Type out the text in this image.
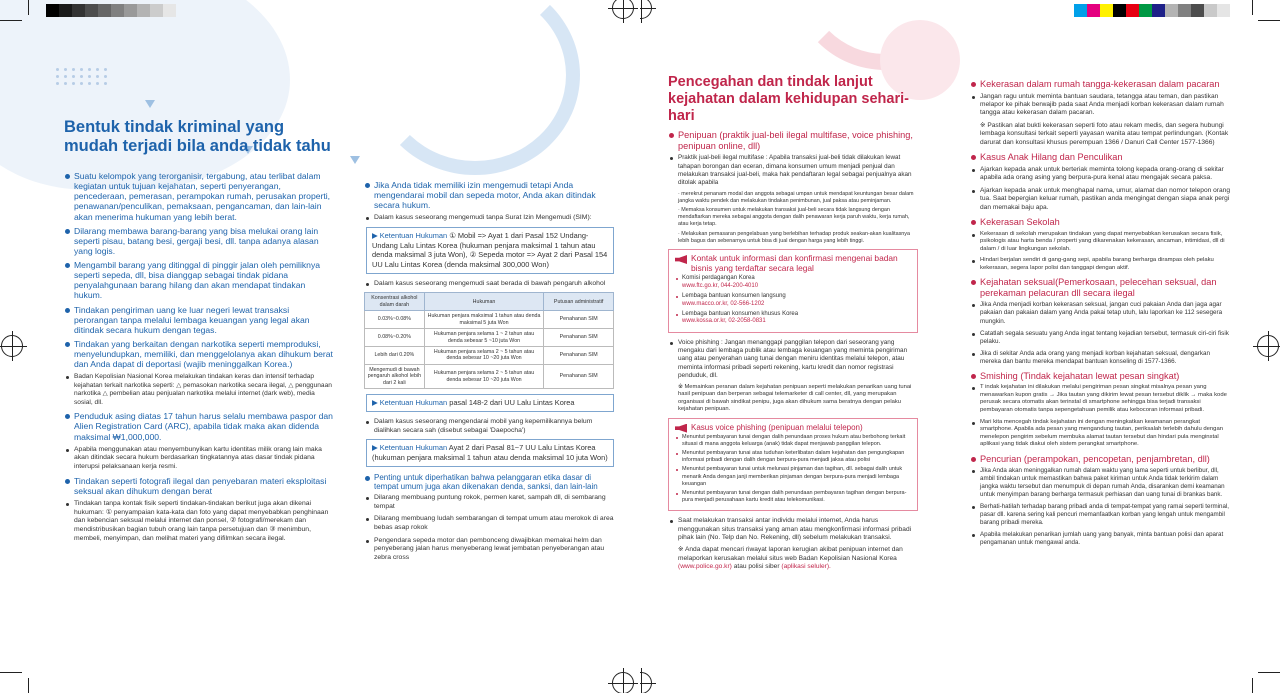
Bentuk tindak kriminal yang mudah terjadi bila anda tidak tahu
Suatu kelompok yang terorganisir, tergabung, atau terlibat dalam kegiatan untuk tujuan kejahatan, seperti penyerangan, pencederaan, pemerasan, perampokan rumah, perusakan properti, penawanan/penculikan, pemaksaan, pengancaman, dan lain-lain akan menerima hukuman yang lebih berat.
Dilarang membawa barang-barang yang bisa melukai orang lain seperti pisau, batang besi, gergaji besi, dll. tanpa adanya alasan yang logis.
Mengambil barang yang ditinggal di pinggir jalan oleh pemiliknya seperti sepeda, dll, bisa dianggap sebagai tindak pidana penyalahgunaan barang hilang dan akan mendapat tindakan hukum.
Tindakan pengiriman uang ke luar negeri lewat transaksi perorangan tanpa melalui lembaga keuangan yang legal akan ditindak secara hukum dengan tegas.
Tindakan yang berkaitan dengan narkotika seperti memproduksi, menyelundupkan, memiliki, dan menggelolanya akan dihukum berat dan Anda dapat di deportasi (wajib meninggalkan Korea.)
Badan Kepolisian Nasional Korea melakukan tindakan keras dan intensif terhadap kejahatan terkait narkotika seperti: △ pemasokan narkotika secara ilegal, △ penggunaan narkotika △ pembelian atau penjualan narkotika melalui internet (dark web), media sosial, dll.
Penduduk asing diatas 17 tahun harus selalu membawa paspor dan Alien Registration Card (ARC), apabila tidak maka akan didenda maksimal ₩1,000,000.
Apabila menggunakan atau menyembunyikan kartu identitas milik orang lain maka akan ditindak secara hukum berdasarkan tingkatannya atas dasar tindak pidana interupsi pelaksanaan kerja resmi.
Tindakan seperti fotografi ilegal dan penyebaran materi eksploitasi seksual akan dihukum dengan berat
Tindakan tanpa kontak fisik seperti tindakan-tindakan berikut juga akan dikenai hukuman: ① penyampaian kata-kata dan foto yang dapat menyebabkan penghinaan dan kebencian seksual melalui internet dan ponsel, ② fotografi/merekam dan mendistribusikan bagian tubuh orang lain tanpa persetujuan dan ③ menimbun, membeli, menyimpan, dan melihat materi yang difilmkan secara ilegal.
Jika Anda tidak memiliki izin mengemudi tetapi Anda mengendarai mobil dan sepeda motor, Anda akan ditindak secara hukum.
Dalam kasus seseorang mengemudi tanpa Surat Izin Mengemudi (SIM):
▶ Ketentuan Hukuman ① Mobil => Ayat 1 dari Pasal 152 Undang-Undang Lalu Lintas Korea (hukuman penjara maksimal 1 tahun atau denda maksimal 3 juta Won), ② Sepeda motor => Ayat 2 dari Pasal 154 UU Lalu Lintas Korea (denda maksimal 300,000 Won)
Dalam kasus seseorang mengemudi saat berada di bawah pengaruh alkohol
Konsentrasi alkohol dalam darah	Hukuman	Putusan administratif
0.03%~0.08%	Hukuman penjara maksimal 1 tahun atau denda maksimal 5 juta Won	Penahanan SIM
0.08%~0.20%	Hukuman penjara selama 1 ~ 2 tahun atau denda sebesar 5 ~10 juta Won	Penahanan SIM
Lebih dari 0.20%	Hukuman penjara selama 2 ~ 5 tahun atau denda sebesar 10 ~20 juta Won	Penahanan SIM
Mengemudi di bawah pengaruh alkohol lebih dari 2 kali	Hukuman penjara selama 2 ~ 5 tahun atau denda sebesar 10 ~20 juta Won	Penahanan SIM
▶ Ketentuan Hukuman pasal 148-2 dari UU Lalu Lintas Korea
Dalam kasus seseorang mengendarai mobil yang kepemilikannya belum dialihkan secara sah (disebut sebagai 'Daepocha')
▶ Ketentuan Hukuman Ayat 2 dari Pasal 81~7 UU Lalu Lintas Korea (hukuman penjara maksimal 1 tahun atau denda maksimal 10 juta Won)
Penting untuk diperhatikan bahwa pelanggaran etika dasar di tempat umum juga akan dikenakan denda, sanksi, dan lain-lain
Dilarang membuang puntung rokok, permen karet, sampah dll, di sembarang tempat
Dilarang membuang ludah sembarangan di tempat umum atau merokok di area bebas asap rokok
Pengendara sepeda motor dan pembonceng diwajibkan memakai helm dan penyeberang jalan harus menyeberang lewat jembatan penyeberangan atau zebra cross
Pencegahan dan tindak lanjut kejahatan dalam kehidupan sehari-hari
Penipuan (praktik jual-beli ilegal multifase, voice phishing, penipuan online, dll)
Praktik jual-beli ilegal multifase : Apabila transaksi jual-beli tidak dilakukan lewat tahapan borongan dan eceran, dimana konsumen umum menjadi penjual dan melakukan transaksi jual-beli, maka hak pendaftaran legal sebagai penjualnya akan ditolak apabila
· merekrut penanam modal dan anggota sebagai umpan untuk mendapat keuntungan besar dalam jangka waktu pendek dan melakukan tindakan penimbunan, jual paksa atau peminjaman.
· Memaksa konsumen untuk melakukan transaksi jual-beli secara tidak langsung dengan mendaftarkan mereka sebagai anggota dengan dalih penawaran kerja paruh waktu, kerja rumah, atau kerja tetap.
· Melakukan pemasaran pengelabuan yang berlebihan terhadap produk seakan-akan kualitasnya lebih bagus dan sebenarnya untuk bisa di jual dengan harga yang lebih tinggi.
Kontak untuk informasi dan konfirmasi mengenai badan bisnis yang terdaftar secara legal
Komisi perdagangan Korea
www.ftc.go.kr, 044-200-4010
Lembaga bantuan konsumen langsung
www.macco.or.kr, 02-566-1202
Lembaga bantuan konsumen khusus Korea
www.kossa.or.kr, 02-2058-0831
Voice phishing : Jangan menanggapi panggilan telepon dari seseorang yang mengaku dari lembaga publik atau lembaga keuangan yang meminta pengiriman uang atau penyerahan uang tunai dengan meniru identitas melalui telepon, atau meminta informasi pribadi seperti rekening, kartu kredit dan nomor registrasi penduduk, dll.
※ Memainkan peranan dalam kejahatan penipuan seperti melakukan penarikan uang tunai hasil penipuan dan berperan sebagai telemarketer di call center, dll, yang merupakan organisasi di bawah sindikat penipu, juga akan dihukum sama beratnya dengan pelaku kejahatan penipuan.
Kasus voice phishing (penipuan melalui telepon)
Menuntut pembayaran tunai dengan dalih penundaan proses hukum atau berbohong terkait situasi di mana anggota keluarga (anak) tidak dapat menjawab panggilan telepon.
Menuntut pembayaran tunai atas tuduhan keterlibatan dalam kejahatan dan pengungkapan informasi pribadi dengan dalih dengan berpura-pura menjadi jaksa atau polisi
Menuntut pembayaran tunai untuk melunasi pinjaman dan tagihan, dll. sebagai dalih untuk menarik Anda dengan janji memberikan pinjaman dengan berpura-pura menjadi lembaga keuangan
Menuntut pembayaran tunai dengan dalih penundaan pembayaran tagihan dengan berpura-pura menjadi perusahaan kartu kredit atau telekomunikasi.
Saat melakukan transaksi antar individu melalui internet, Anda harus menggunakan situs transaksi yang aman atau mengkonfirmasi informasi pribadi pihak lain (No. Telp dan No. Rekening, dll) sebelum melakukan transaksi.
※ Anda dapat mencari riwayat laporan kerugian akibat penipuan internet dan melaporkan kerusakan melalui situs web Badan Kepolisian Nasional Korea (www.police.go.kr) atau polisi siber (aplikasi seluler).
Kekerasan dalam rumah tangga-kekerasan dalam pacaran
Jangan ragu untuk meminta bantuan saudara, tetangga atau teman, dan pastikan melapor ke pihak berwajib pada saat Anda menjadi korban kekerasan dalam rumah tangga atau kekerasan dalam pacaran.
※ Pastikan alat bukti kekerasan seperti foto atau rekam medis, dan segera hubungi lembaga konsultasi terkait seperti yayasan wanita atau tempat perlindungan. (Kontak darurat dan konsultasi khusus perempuan 1366 / Danuri Call Center 1577-1366)
Kasus Anak Hilang dan Penculikan
Ajarkan kepada anak untuk berteriak meminta tolong kepada orang-orang di sekitar apabila ada orang asing yang berpura-pura kenal atau mengajak secara paksa.
Ajarkan kepada anak untuk menghapal nama, umur, alamat dan nomor telepon orang tua. Saat bepergian keluar rumah, pastikan anda mengingat dengan siapa anak pergi dan memakai baju apa.
Kekerasan Sekolah
Kekerasan di sekolah merupakan tindakan yang dapat menyebabkan kerusakan secara fisik, psikologis atau harta benda / properti yang dikarenakan kekerasan, ancaman, intimidasi, dll di dalam / di luar lingkungan sekolah.
Hindari berjalan sendiri di gang-gang sepi, apabila barang berharga dirampas oleh pelaku kekerasan, segera lapor polisi dan tanggapi dengan aktif.
Kejahatan seksual(Pemerkosaan, pelecehan seksual, dan perekaman pelacuran dll secara ilegal
Jika Anda menjadi korban kekerasan seksual, jangan cuci pakaian Anda dan jaga agar pakaian dan pakaian dalam yang Anda pakai tetap utuh, lalu laporkan ke 112 sesegera mungkin.
Catatlah segala sesuatu yang Anda ingat tentang kejadian tersebut, termasuk ciri-ciri fisik pelaku.
Jika di sekitar Anda ada orang yang menjadi korban kejahatan seksual, dengarkan mereka dan bantu mereka mendapat bantuan konseling di 1577-1366.
Smishing (Tindak kejahatan lewat pesan singkat)
T indak kejahatan ini dilakukan melalui pengiriman pesan singkat misalnya pesan yang menawarkan kupon gratis → Jika tautan yang dikirim lewat pesan tersebut diklik → maka kode perusak secara otomatis akan terinstal di smartphone sehingga bisa terjadi transaksi pembayaran otomatis tanpa sepengetahuan pemilik atau kebocoran informasi pribadi.
Mari kita mencegah tindak kejahatan ini dengan meningkatkan keamanan perangkat smartphone. Apabila ada pesan yang mengandung tautan, periksalah terlebih dahulu dengan menelepon pengirim sebelum membuka alamat tautan tersebut dan hindari pula menginstal aplikasi yang tidak diakui oleh sistem perangkat smartphone.
Pencurian (perampokan, pencopetan, penjambretan, dll)
Jika Anda akan meninggalkan rumah dalam waktu yang lama seperti untuk berlibur, dll, ambil tindakan untuk memastikan bahwa paket kiriman untuk Anda tidak terkirim dalam jangka waktu tersebut dan menumpuk di depan rumah Anda, disarankan demi keamanan untuk menyimpan barang berharga termasuk perhiasan dan uang tunai di brankas bank.
Berhati-hatilah terhadap barang pribadi anda di tempat-tempat yang ramai seperti terminal, pasar dll. karena sering kali pencuri memanfaatkan korban yang lengah untuk mengambil barang pribadi mereka.
Apabila melakukan penarikan jumlah uang yang banyak, minta bantuan polisi dan aparat pengamanan untuk mengawal anda.
